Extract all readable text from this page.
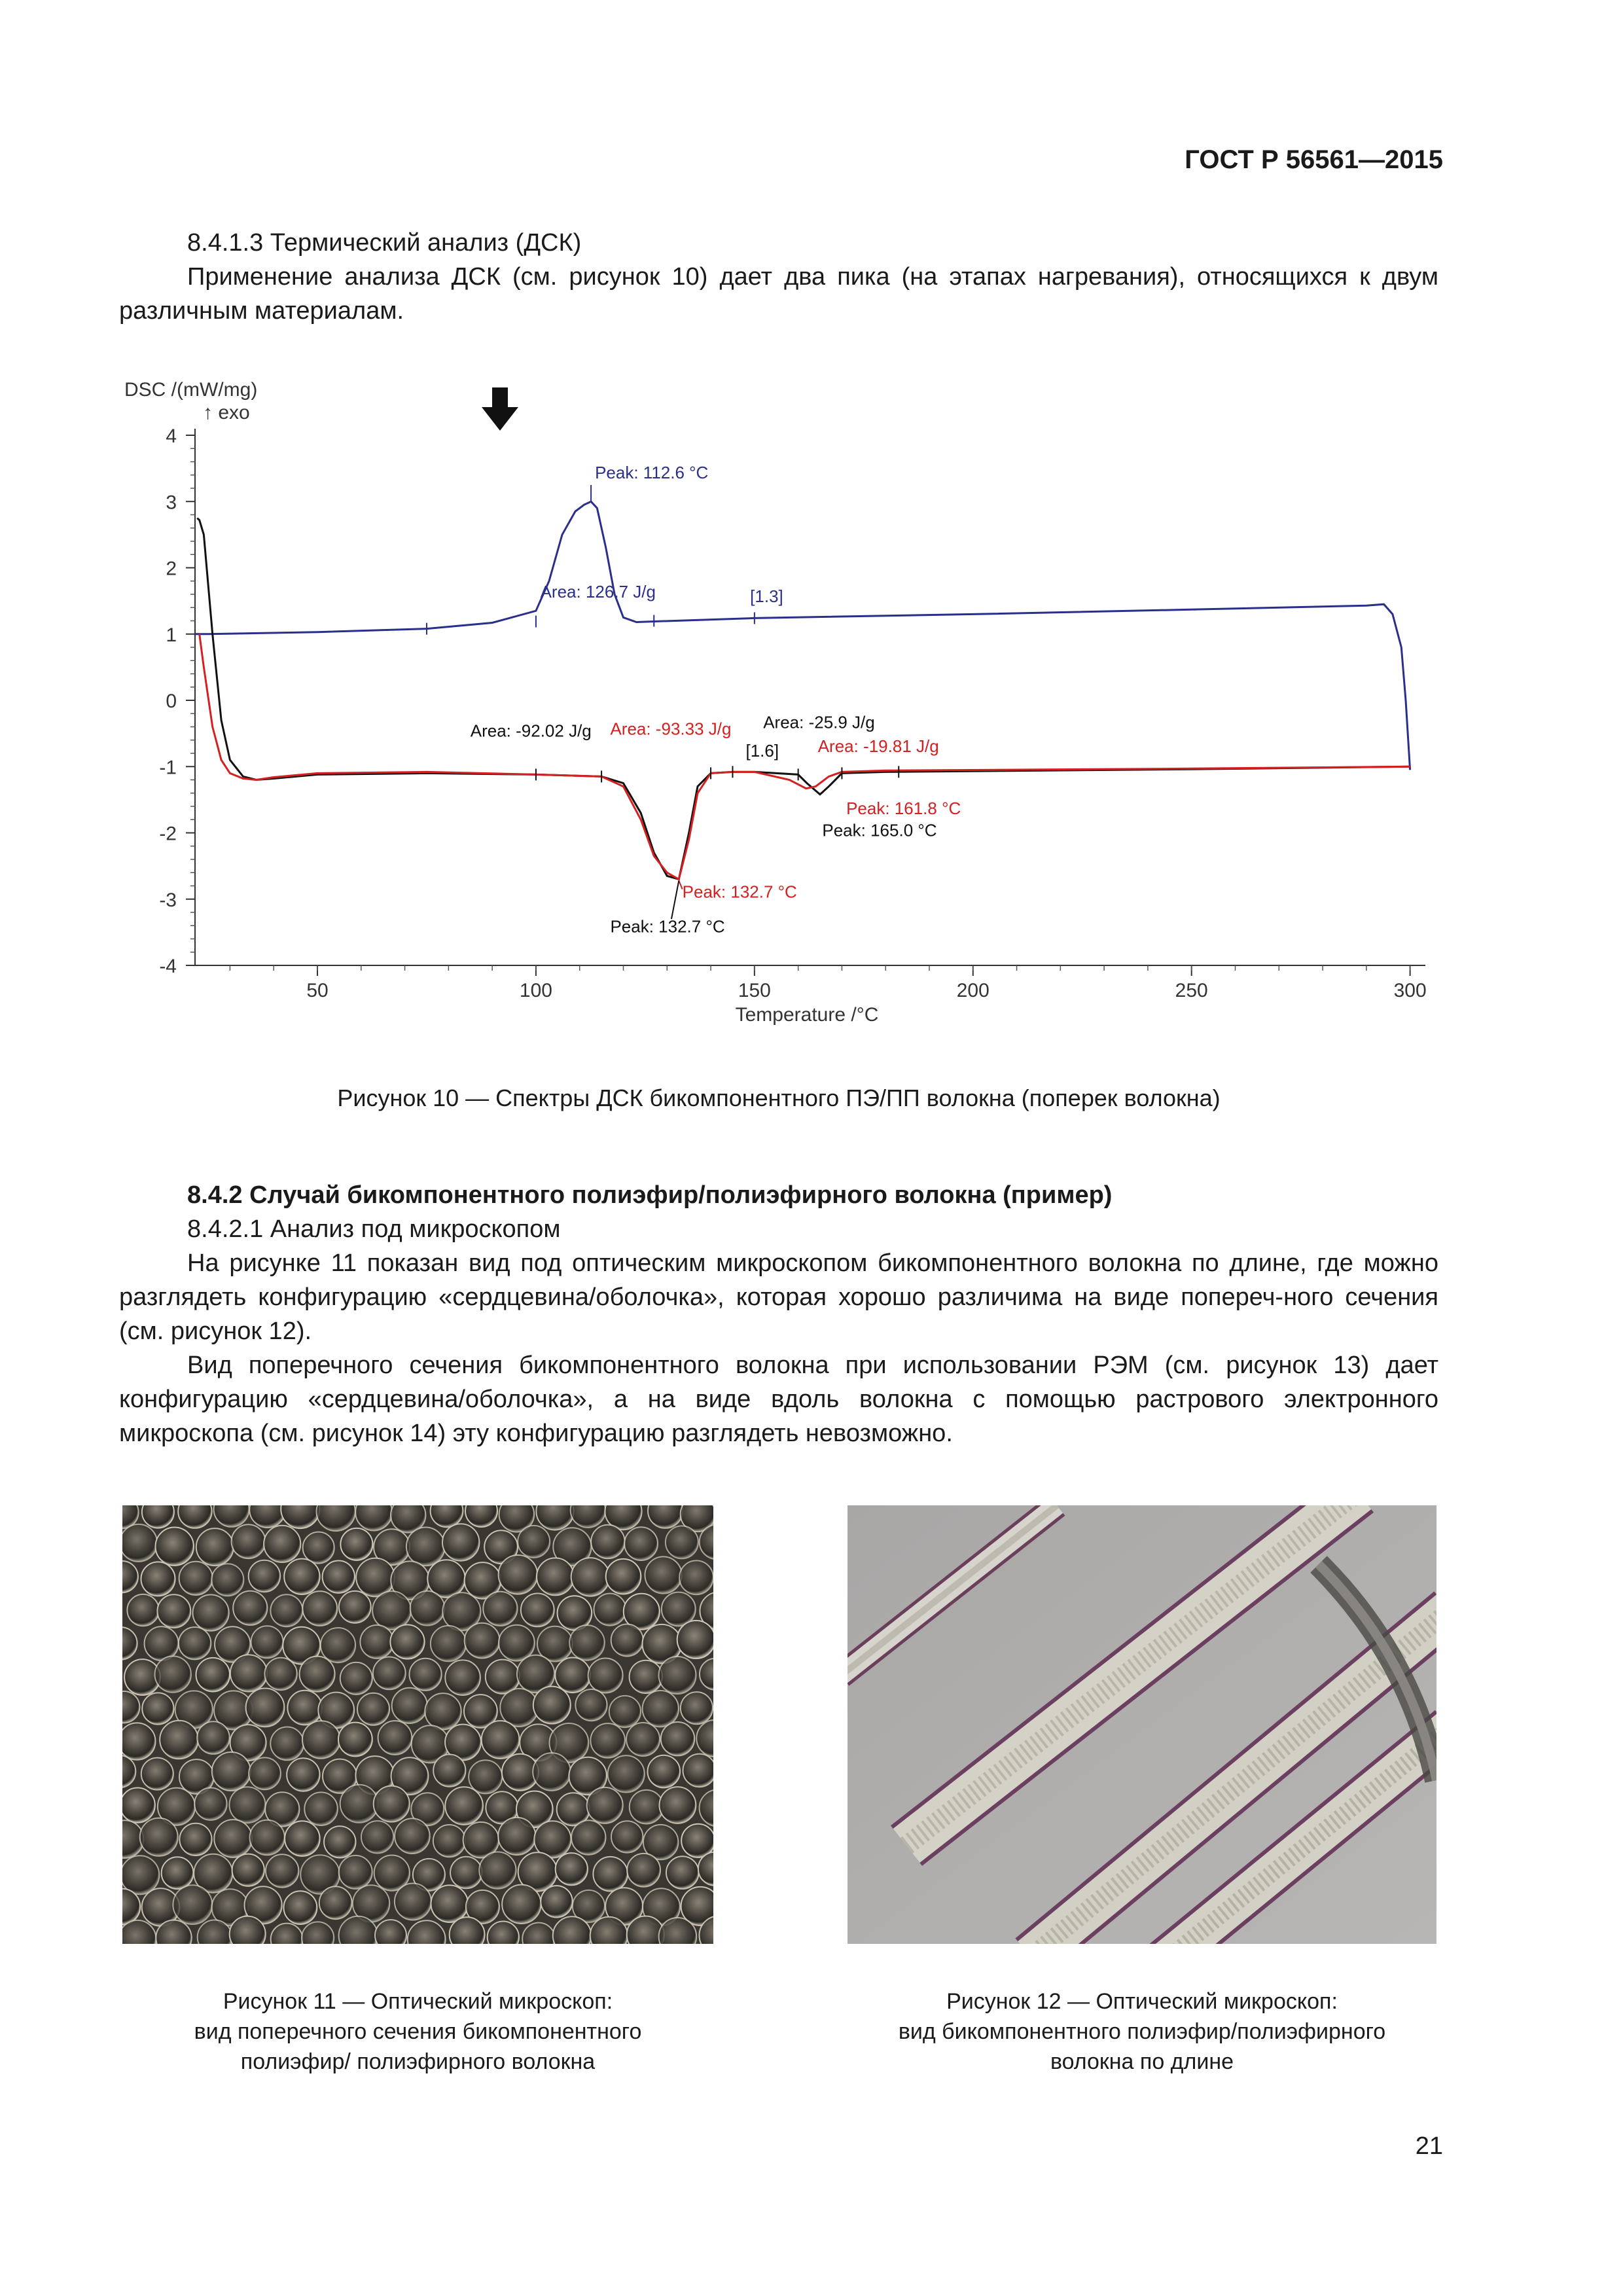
ГОСТ Р 56561—2015

8.4.1.3 Термический анализ (ДСК)

Применение анализа ДСК (см. рисунок 10) дает два пика (на этапах нагревания), относящихся к двум различным материалам.

4
3
2
1
0
-1
-2
-3
-4
50	100	150	200	250	300
DSC /(mW/mg)
↑ exo
Temperature /°C
Peak: 112.6 °C
Area: 126.7 J/g	[1.3]
Area: -92.02 J/g Area: -93.33 J/g Area: -25.9 J/g
Area: -19.81 J/g
[1.6]
Peak: 161.8 °C
Peak: 165.0 °C
Peak: 132.7 °C
Peak: 132.7 °C
Рисунок 10 — Спектры ДСК бикомпонентного ПЭ/ПП волокна (поперек волокна)

8.4.2 Случай бикомпонентного полиэфир/полиэфирного волокна (пример)

8.4.2.1 Анализ под микроскопом

На рисунке 11 показан вид под оптическим микроскопом бикомпонентного волокна по длине, где можно разглядеть конфигурацию «сердцевина/оболочка», которая хорошо различима на виде попереч-ного сечения (см. рисунок 12).

Вид поперечного сечения бикомпонентного волокна при использовании РЭМ (см. рисунок 13) дает конфигурацию «сердцевина/оболочка», а на виде вдоль волокна с помощью растрового электронного микроскопа (см. рисунок 14) эту конфигурацию разглядеть невозможно.

Рисунок 11 — Оптический микроскоп:
вид поперечного сечения бикомпонентного
полиэфир/ полиэфирного волокна
Рисунок 12 — Оптический микроскоп:
вид бикомпонентного полиэфир/полиэфирного
волокна по длине
21
